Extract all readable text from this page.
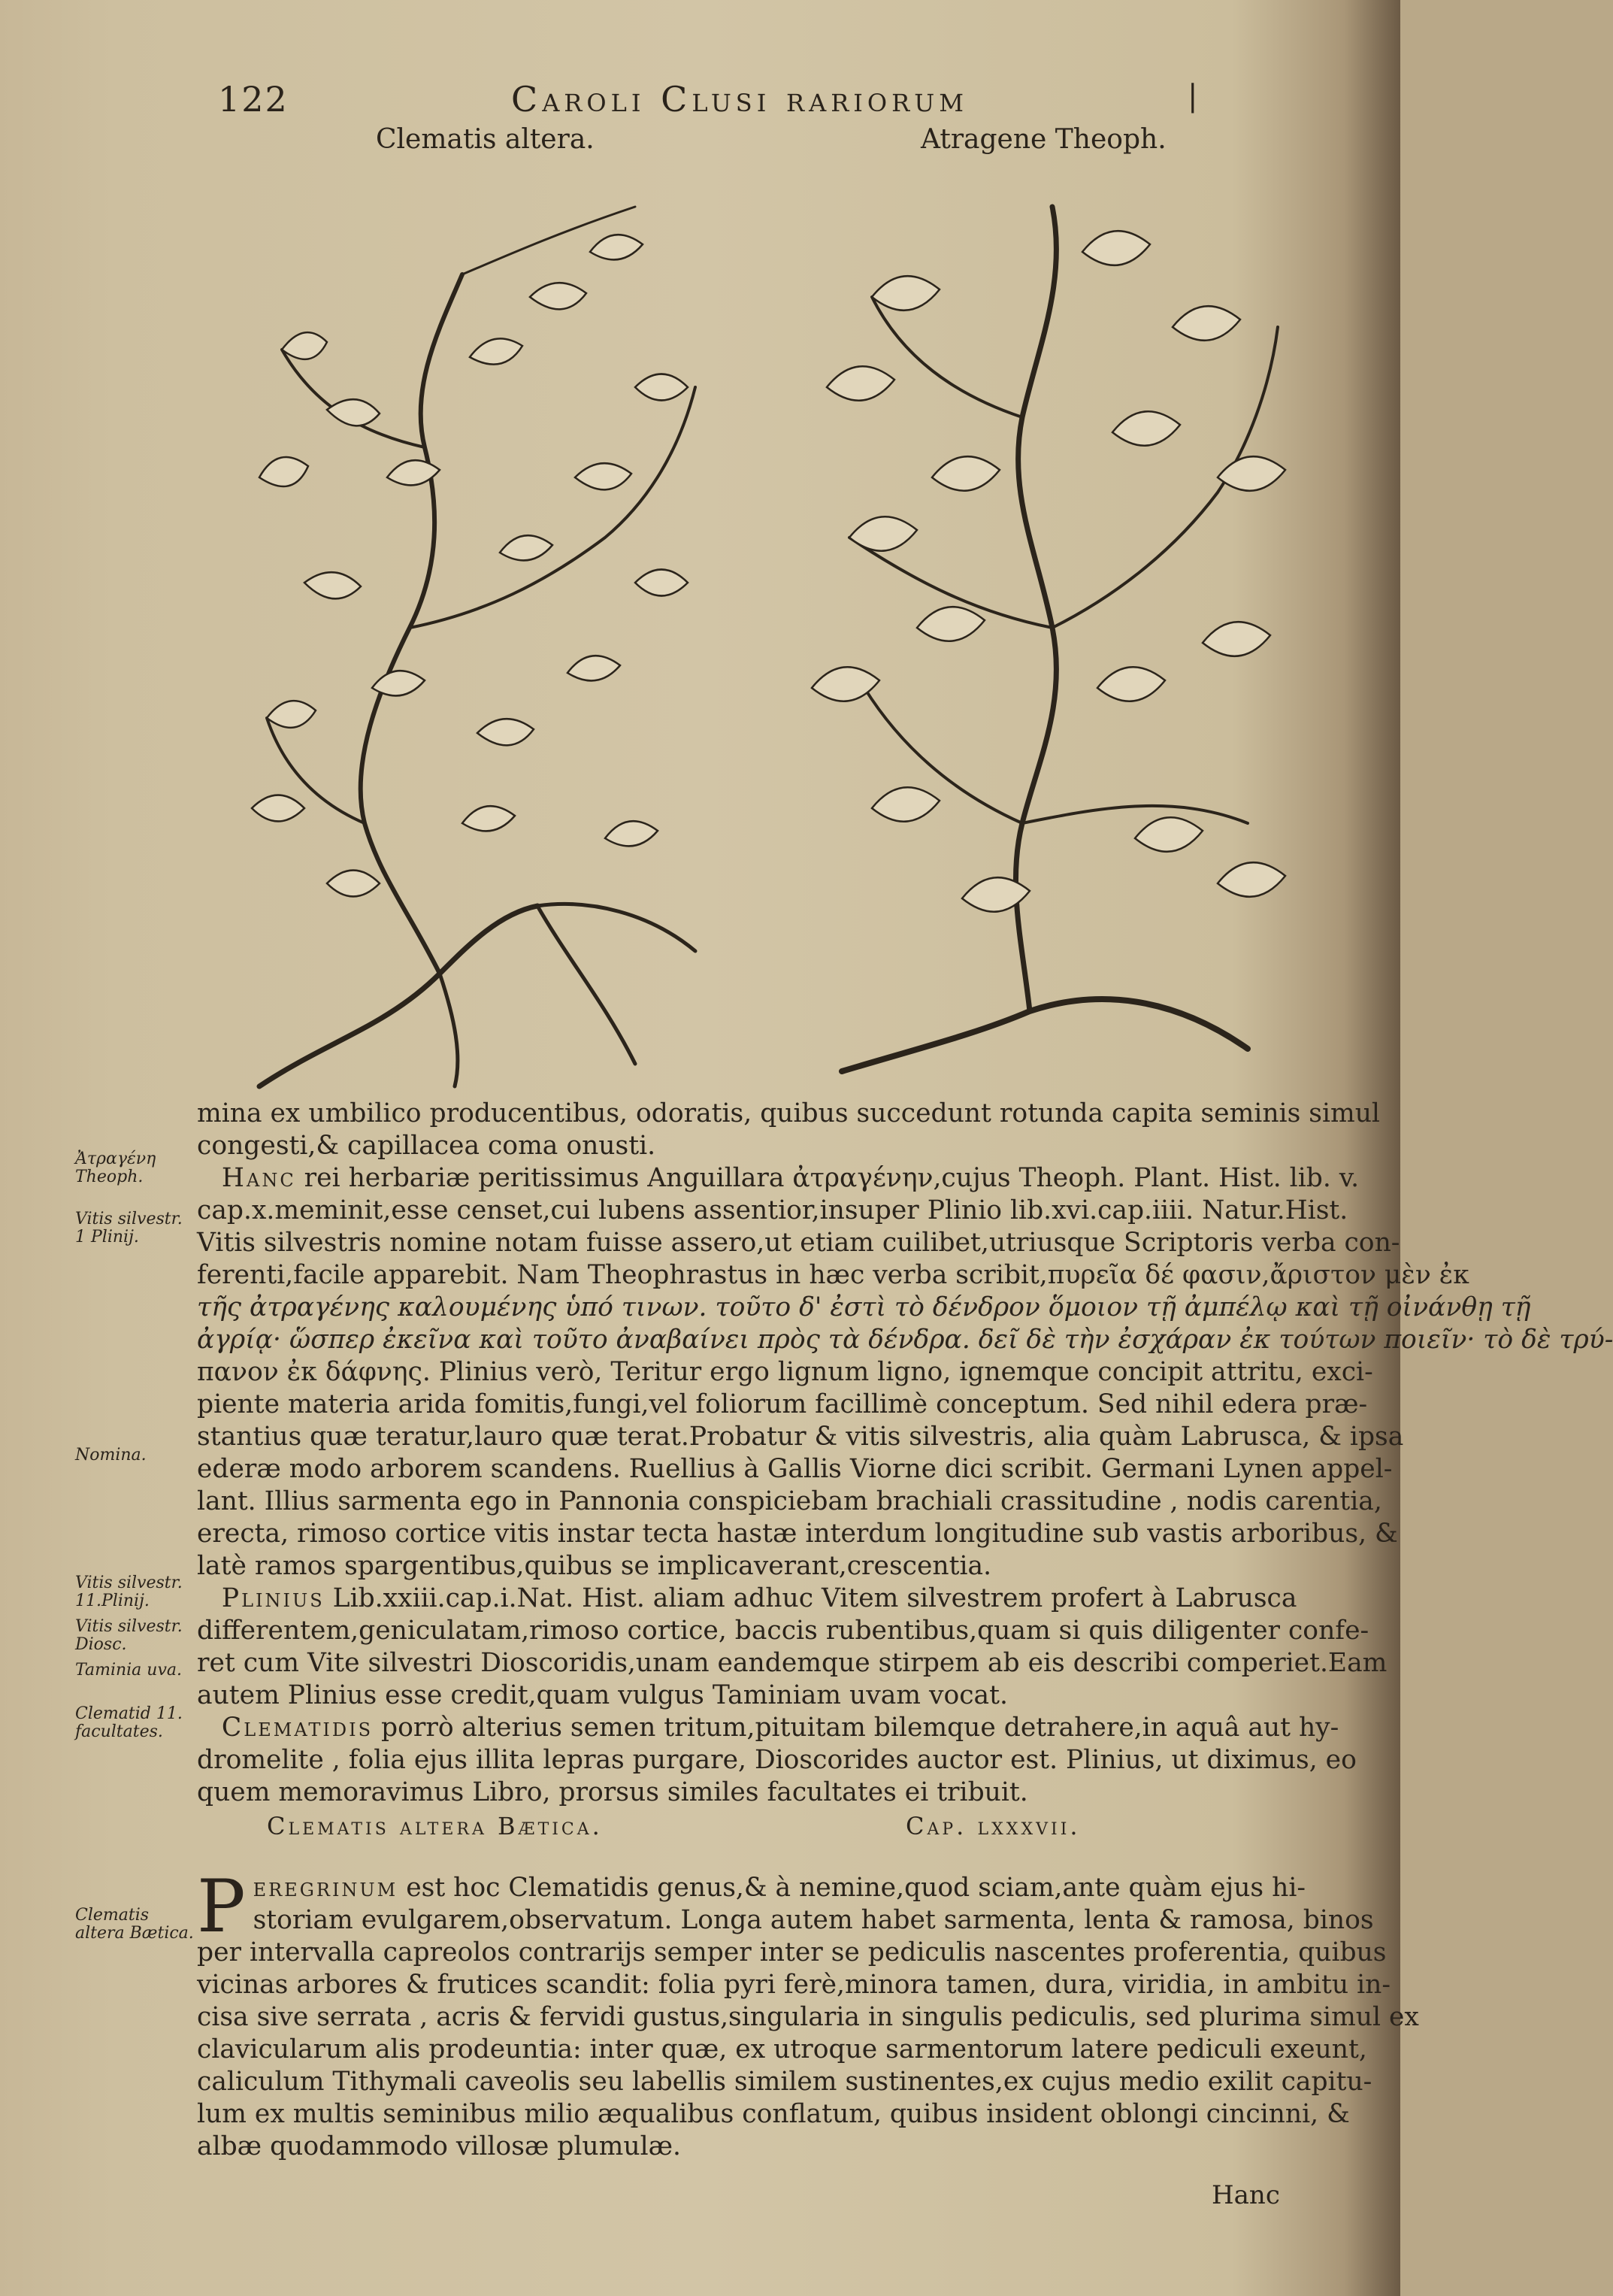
122	Caroli Clusi rariorum	|
Clematis altera.	Atragene Theoph.
Ἀτραγένη Theoph.
Vitis silvestr. 1 Plinij.
Nomina.
Vitis silvestr. 11.Plinij.
Vitis silvestr. Diosc.
Taminia uva.
Clematid 11. facultates.
Clematis altera Bætica.
mina ex umbilico producentibus, odoratis, quibus succedunt rotunda capita seminis simul
congesti,& capillacea coma onusti.
Hanc rei herbariæ peritissimus Anguillara ἀτραγένην,cujus Theoph. Plant. Hist. lib. v.
cap.x.meminit,esse censet,cui lubens assentior,insuper Plinio lib.xvi.cap.iiii. Natur.Hist.
Vitis silvestris nomine notam fuisse assero,ut etiam cuilibet,utriusque Scriptoris verba con-
ferenti,facile apparebit. Nam Theophrastus in hæc verba scribit,πυρεῖα δέ φασιν,ἄριστον μὲν ἐκ
τῆς ἀτραγένης καλουμένης ὑπό τινων. τοῦτο δ' ἐστὶ τὸ δένδρον ὅμοιον τῇ ἀμπέλῳ καὶ τῇ οἰνάνθῃ τῇ
ἀγρίᾳ· ὥσπερ ἐκεῖνα καὶ τοῦτο ἀναβαίνει πρὸς τὰ δένδρα. δεῖ δὲ τὴν ἐσχάραν ἐκ τούτων ποιεῖν· τὸ δὲ τρύ-
πανον ἐκ δάφνης. Plinius verò, Teritur ergo lignum ligno, ignemque concipit attritu, exci-
piente materia arida fomitis,fungi,vel foliorum facillimè conceptum. Sed nihil edera præ-
stantius quæ teratur,lauro quæ terat.Probatur & vitis silvestris, alia quàm Labrusca, & ipsa
ederæ modo arborem scandens. Ruellius à Gallis Viorne dici scribit. Germani Lynen appel-
lant. Illius sarmenta ego in Pannonia conspiciebam brachiali crassitudine , nodis carentia,
erecta, rimoso cortice vitis instar tecta hastæ interdum longitudine sub vastis arboribus, &
latè ramos spargentibus,quibus se implicaverant,crescentia.
Plinius Lib.xxiii.cap.i.Nat. Hist. aliam adhuc Vitem silvestrem profert à Labrusca
differentem,geniculatam,rimoso cortice, baccis rubentibus,quam si quis diligenter confe-
ret cum Vite silvestri Dioscoridis,unam eandemque stirpem ab eis describi comperiet.Eam
autem Plinius esse credit,quam vulgus Taminiam uvam vocat.
Clematidis porrò alterius semen tritum,pituitam bilemque detrahere,in aquâ aut hy-
dromelite , folia ejus illita lepras purgare, Dioscorides auctor est. Plinius, ut diximus, eo
quem memoravimus Libro, prorsus similes facultates ei tribuit.
Clematis altera Bætica.	Cap. lxxxvii.
P eregrinum est hoc Clematidis genus,& à nemine,quod sciam,ante quàm ejus hi-
storiam evulgarem,observatum. Longa autem habet sarmenta, lenta & ramosa, binos
per intervalla capreolos contrarijs semper inter se pediculis nascentes proferentia, quibus
vicinas arbores & frutices scandit: folia pyri ferè,minora tamen, dura, viridia, in ambitu in-
cisa sive serrata , acris & fervidi gustus,singularia in singulis pediculis, sed plurima simul ex
clavicularum alis prodeuntia: inter quæ, ex utroque sarmentorum latere pediculi exeunt,
caliculum Tithymali caveolis seu labellis similem sustinentes,ex cujus medio exilit capitu-
lum ex multis seminibus milio æqualibus conflatum, quibus insident oblongi cincinni, &
albæ quodammodo villosæ plumulæ.
Hanc
